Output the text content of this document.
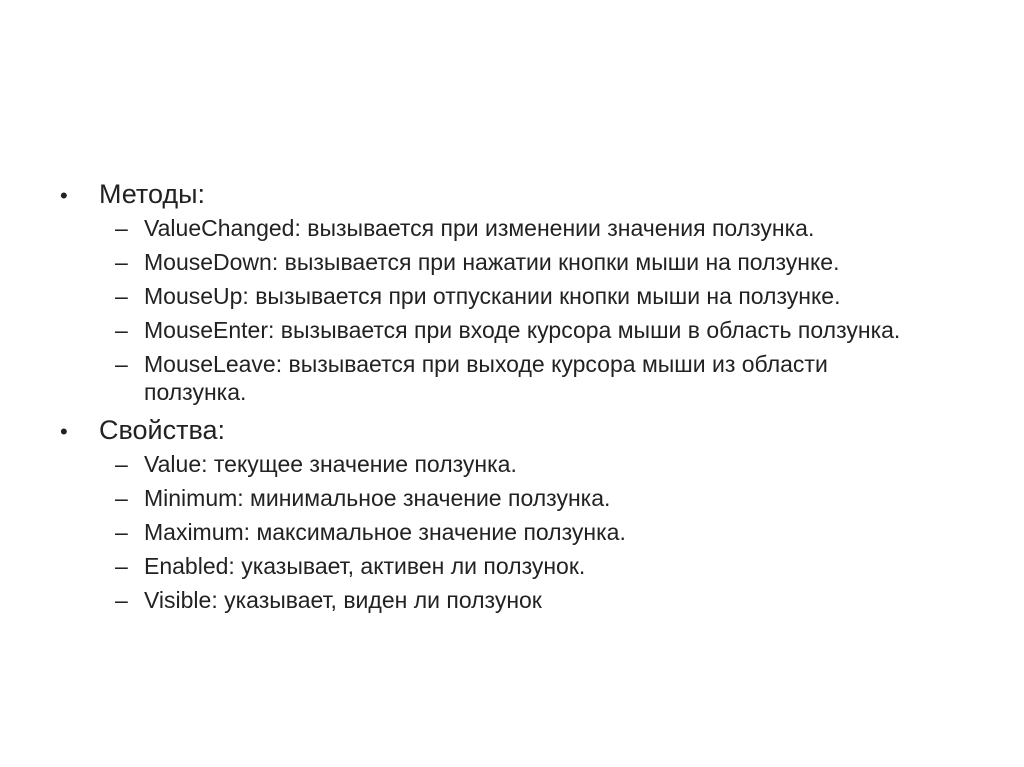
•	Методы:
– ValueChanged: вызывается при изменении значения ползунка.
– MouseDown: вызывается при нажатии кнопки мыши на ползунке.
– MouseUp: вызывается при отпускании кнопки мыши на ползунке.
– MouseEnter: вызывается при входе курсора мыши в область ползунка.
– MouseLeave: вызывается при выходе курсора мыши из области ползунка.
•	Свойства:
– Value: текущее значение ползунка.
– Minimum: минимальное значение ползунка.
– Maximum: максимальное значение ползунка.
– Enabled: указывает, активен ли ползунок.
– Visible: указывает, виден ли ползунок
